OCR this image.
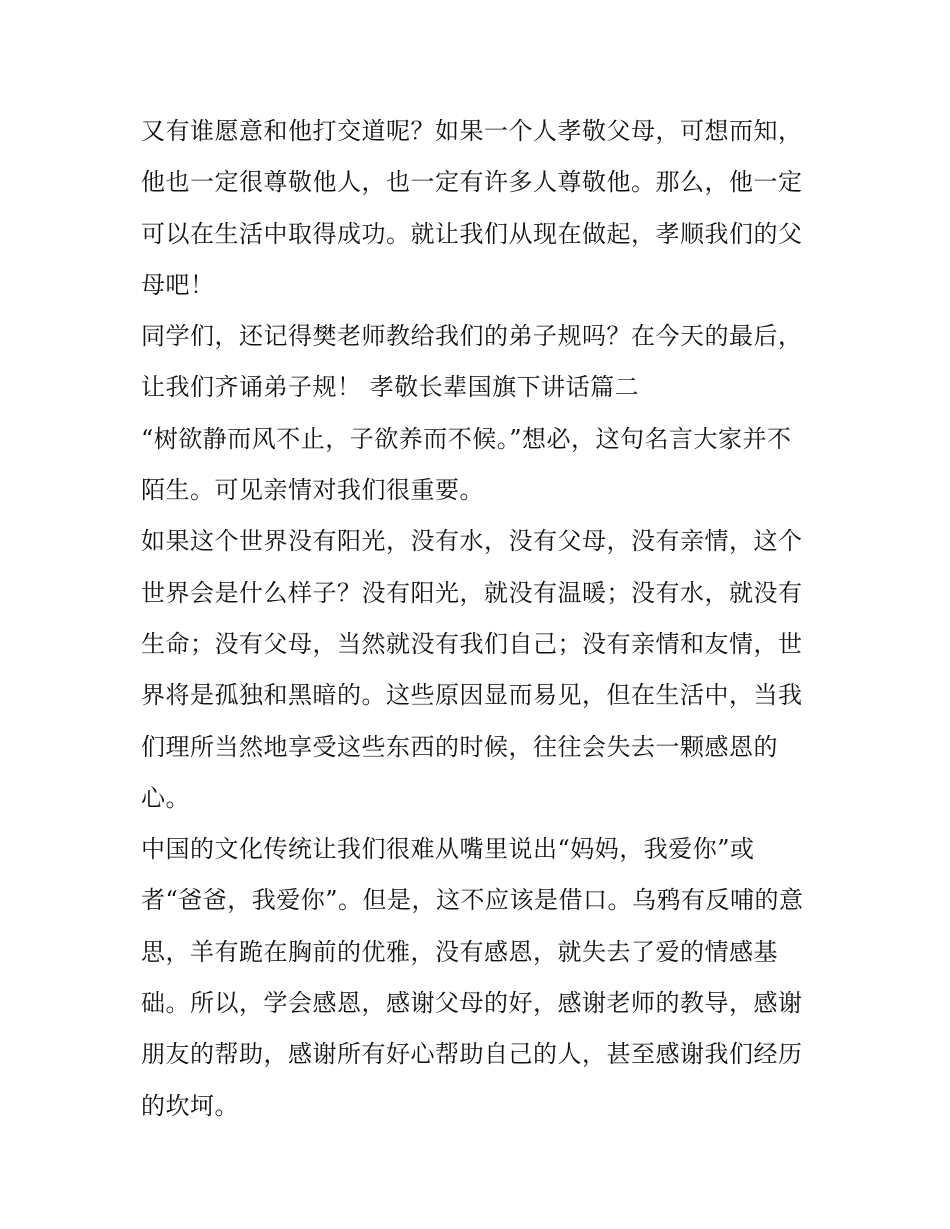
又有谁愿意和他打交道呢？如果一个人孝敬父母，可想而知，
他也一定很尊敬他人，也一定有许多人尊敬他。那么，他一定
可以在生活中取得成功。就让我们从现在做起，孝顺我们的父
母吧！
同学们，还记得樊老师教给我们的弟子规吗？在今天的最后，
让我们齐诵弟子规！ 孝敬长辈国旗下讲话篇二
“树欲静而风不止，子欲养而不候。”想必，这句名言大家并不
陌生。可见亲情对我们很重要。
如果这个世界没有阳光，没有水，没有父母，没有亲情，这个
世界会是什么样子？没有阳光，就没有温暖；没有水，就没有
生命；没有父母，当然就没有我们自己；没有亲情和友情，世
界将是孤独和黑暗的。这些原因显而易见，但在生活中，当我
们理所当然地享受这些东西的时候，往往会失去一颗感恩的
心。
中国的文化传统让我们很难从嘴里说出“妈妈，我爱你”或
者“爸爸，我爱你”。但是，这不应该是借口。乌鸦有反哺的意
思，羊有跪在胸前的优雅，没有感恩，就失去了爱的情感基
础。所以，学会感恩，感谢父母的好，感谢老师的教导，感谢
朋友的帮助，感谢所有好心帮助自己的人，甚至感谢我们经历
的坎坷。
